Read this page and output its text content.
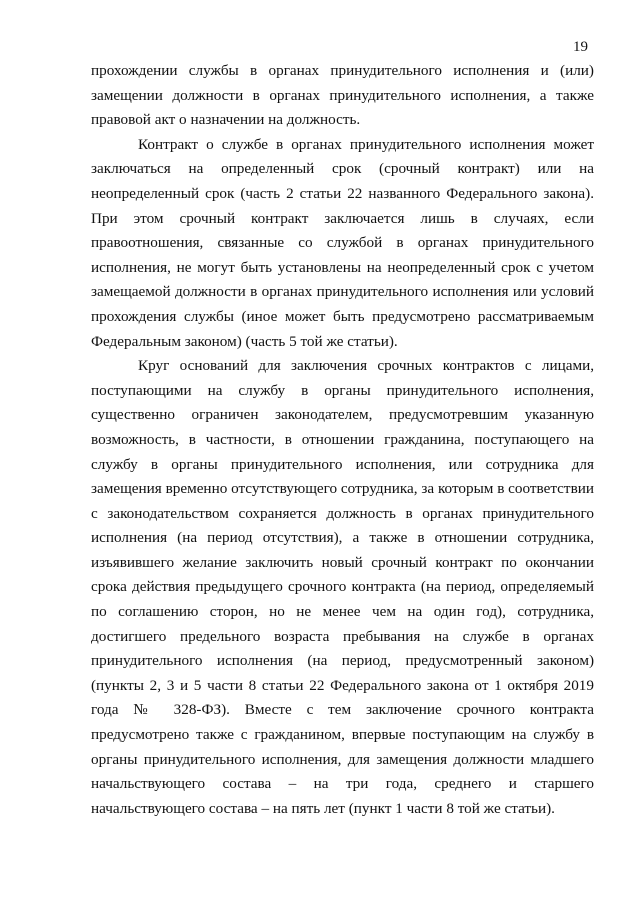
19

прохождении службы в органах принудительного исполнения и (или)
замещении должности в органах принудительного исполнения, а также
правовой акт о назначении на должность.

Контракт о службе в органах принудительного исполнения может
заключаться на определенный срок (срочный контракт) или на
неопределенный срок (часть 2 статьи 22 названного Федерального закона).
При этом срочный контракт заключается лишь в случаях, если
правоотношения, связанные со службой в органах принудительного
исполнения, не могут быть установлены на неопределенный срок с учетом
замещаемой должности в органах принудительного исполнения или условий
прохождения службы (иное может быть предусмотрено рассматриваемым
Федеральным законом) (часть 5 той же статьи).

Круг оснований для заключения срочных контрактов с лицами,
поступающими на службу в органы принудительного исполнения,
существенно ограничен законодателем, предусмотревшим указанную
возможность, в частности, в отношении гражданина, поступающего на
службу в органы принудительного исполнения, или сотрудника для
замещения временно отсутствующего сотрудника, за которым в соответствии
с законодательством сохраняется должность в органах принудительного
исполнения (на период отсутствия), а также в отношении сотрудника,
изъявившего желание заключить новый срочный контракт по окончании
срока действия предыдущего срочного контракта (на период, определяемый
по соглашению сторон, но не менее чем на один год), сотрудника,
достигшего предельного возраста пребывания на службе в органах
принудительного исполнения (на период, предусмотренный законом)
(пункты 2, 3 и 5 части 8 статьи 22 Федерального закона от 1 октября 2019
года № 328-ФЗ). Вместе с тем заключение срочного контракта
предусмотрено также с гражданином, впервые поступающим на службу в
органы принудительного исполнения, для замещения должности младшего
начальствующего состава – на три года, среднего и старшего
начальствующего состава – на пять лет (пункт 1 части 8 той же статьи).
